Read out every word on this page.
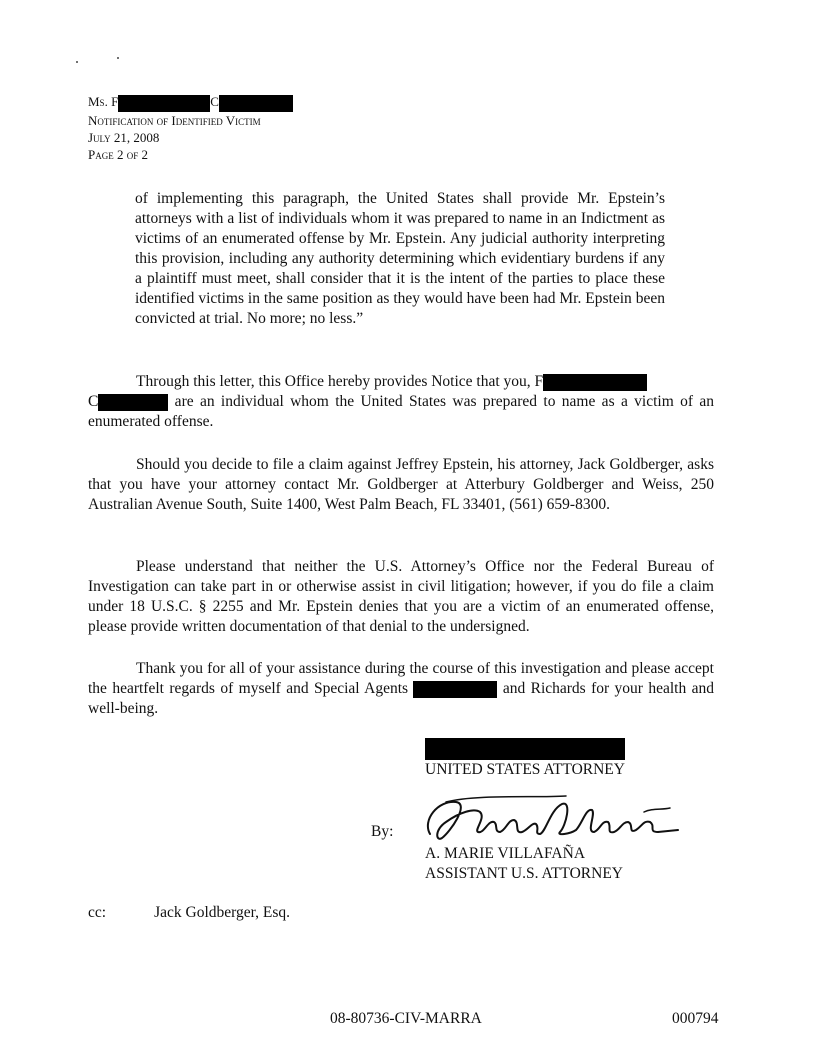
Ms. F	C
Notification of Identified Victim
July 21, 2008
Page 2 of 2
of implementing this paragraph, the United States shall provide Mr. Epstein’s attorneys with a list of individuals whom it was prepared to name in an Indictment as victims of an enumerated offense by Mr. Epstein. Any judicial authority interpreting this provision, including any authority determining which evidentiary burdens if any a plaintiff must meet, shall consider that it is the intent of the parties to place these identified victims in the same position as they would have been had Mr. Epstein been convicted at trial. No more; no less.”
Through this letter, this Office hereby provides Notice that you, F
C	are an individual whom the United States was prepared to name as a victim of an enumerated offense.
Should you decide to file a claim against Jeffrey Epstein, his attorney, Jack Goldberger, asks that you have your attorney contact Mr. Goldberger at Atterbury Goldberger and Weiss, 250 Australian Avenue South, Suite 1400, West Palm Beach, FL 33401, (561) 659-8300.
Please understand that neither the U.S. Attorney’s Office nor the Federal Bureau of Investigation can take part in or otherwise assist in civil litigation; however, if you do file a claim under 18 U.S.C. § 2255 and Mr. Epstein denies that you are a victim of an enumerated offense, please provide written documentation of that denial to the undersigned.
Thank you for all of your assistance during the course of this investigation and please accept the heartfelt regards of myself and Special Agents	and Richards for your health and well-being.
UNITED STATES ATTORNEY
By:
A. MARIE VILLAFAÑA
ASSISTANT U.S. ATTORNEY
cc:	Jack Goldberger, Esq.
08-80736-CIV-MARRA	000794
